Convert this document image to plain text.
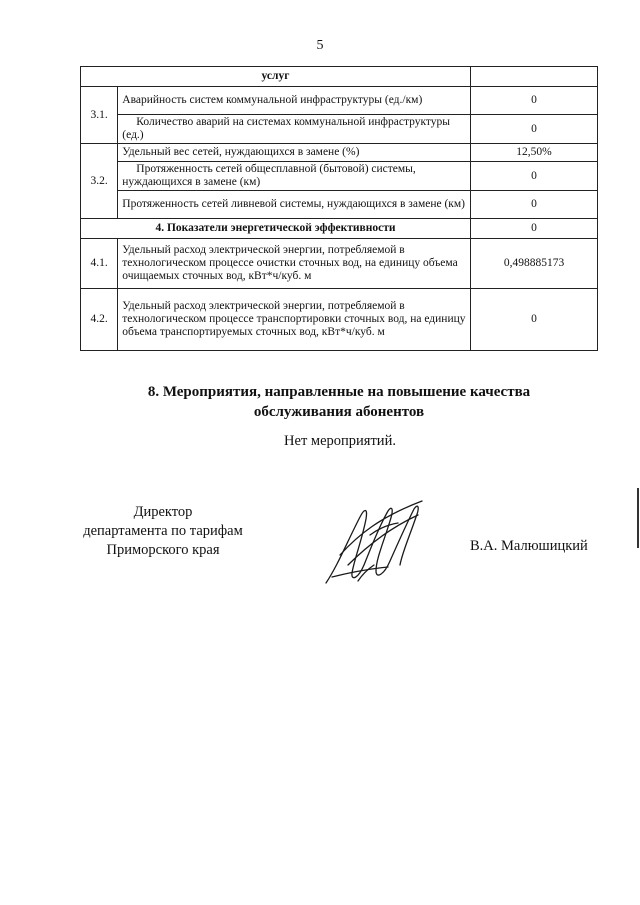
5
услуг		
3.1.	Аварийность систем коммунальной инфраструктуры (ед./км)	0
	Количество аварий на системах коммунальной инфраструктуры (ед.)	0
3.2.	Удельный вес сетей, нуждающихся в замене (%)	12,50%
	Протяженность сетей общесплавной (бытовой) системы, нуждающихся в замене (км)	0
	Протяженность сетей ливневой системы, нуждающихся в замене (км)	0
4. Показатели энергетической эффективности		0
4.1.	Удельный расход электрической энергии, потребляемой в технологическом процессе очистки сточных вод, на единицу объема очищаемых сточных вод, кВт*ч/куб. м	0,498885173
4.2.	Удельный расход электрической энергии, потребляемой в технологическом процессе транспортировки сточных вод, на единицу объема транспортируемых сточных вод, кВт*ч/куб. м	0
8. Мероприятия, направленные на повышение качества
обслуживания абонентов
Нет мероприятий.
Директор
департамента по тарифам
Приморского края	В.А. Малюшицкий
